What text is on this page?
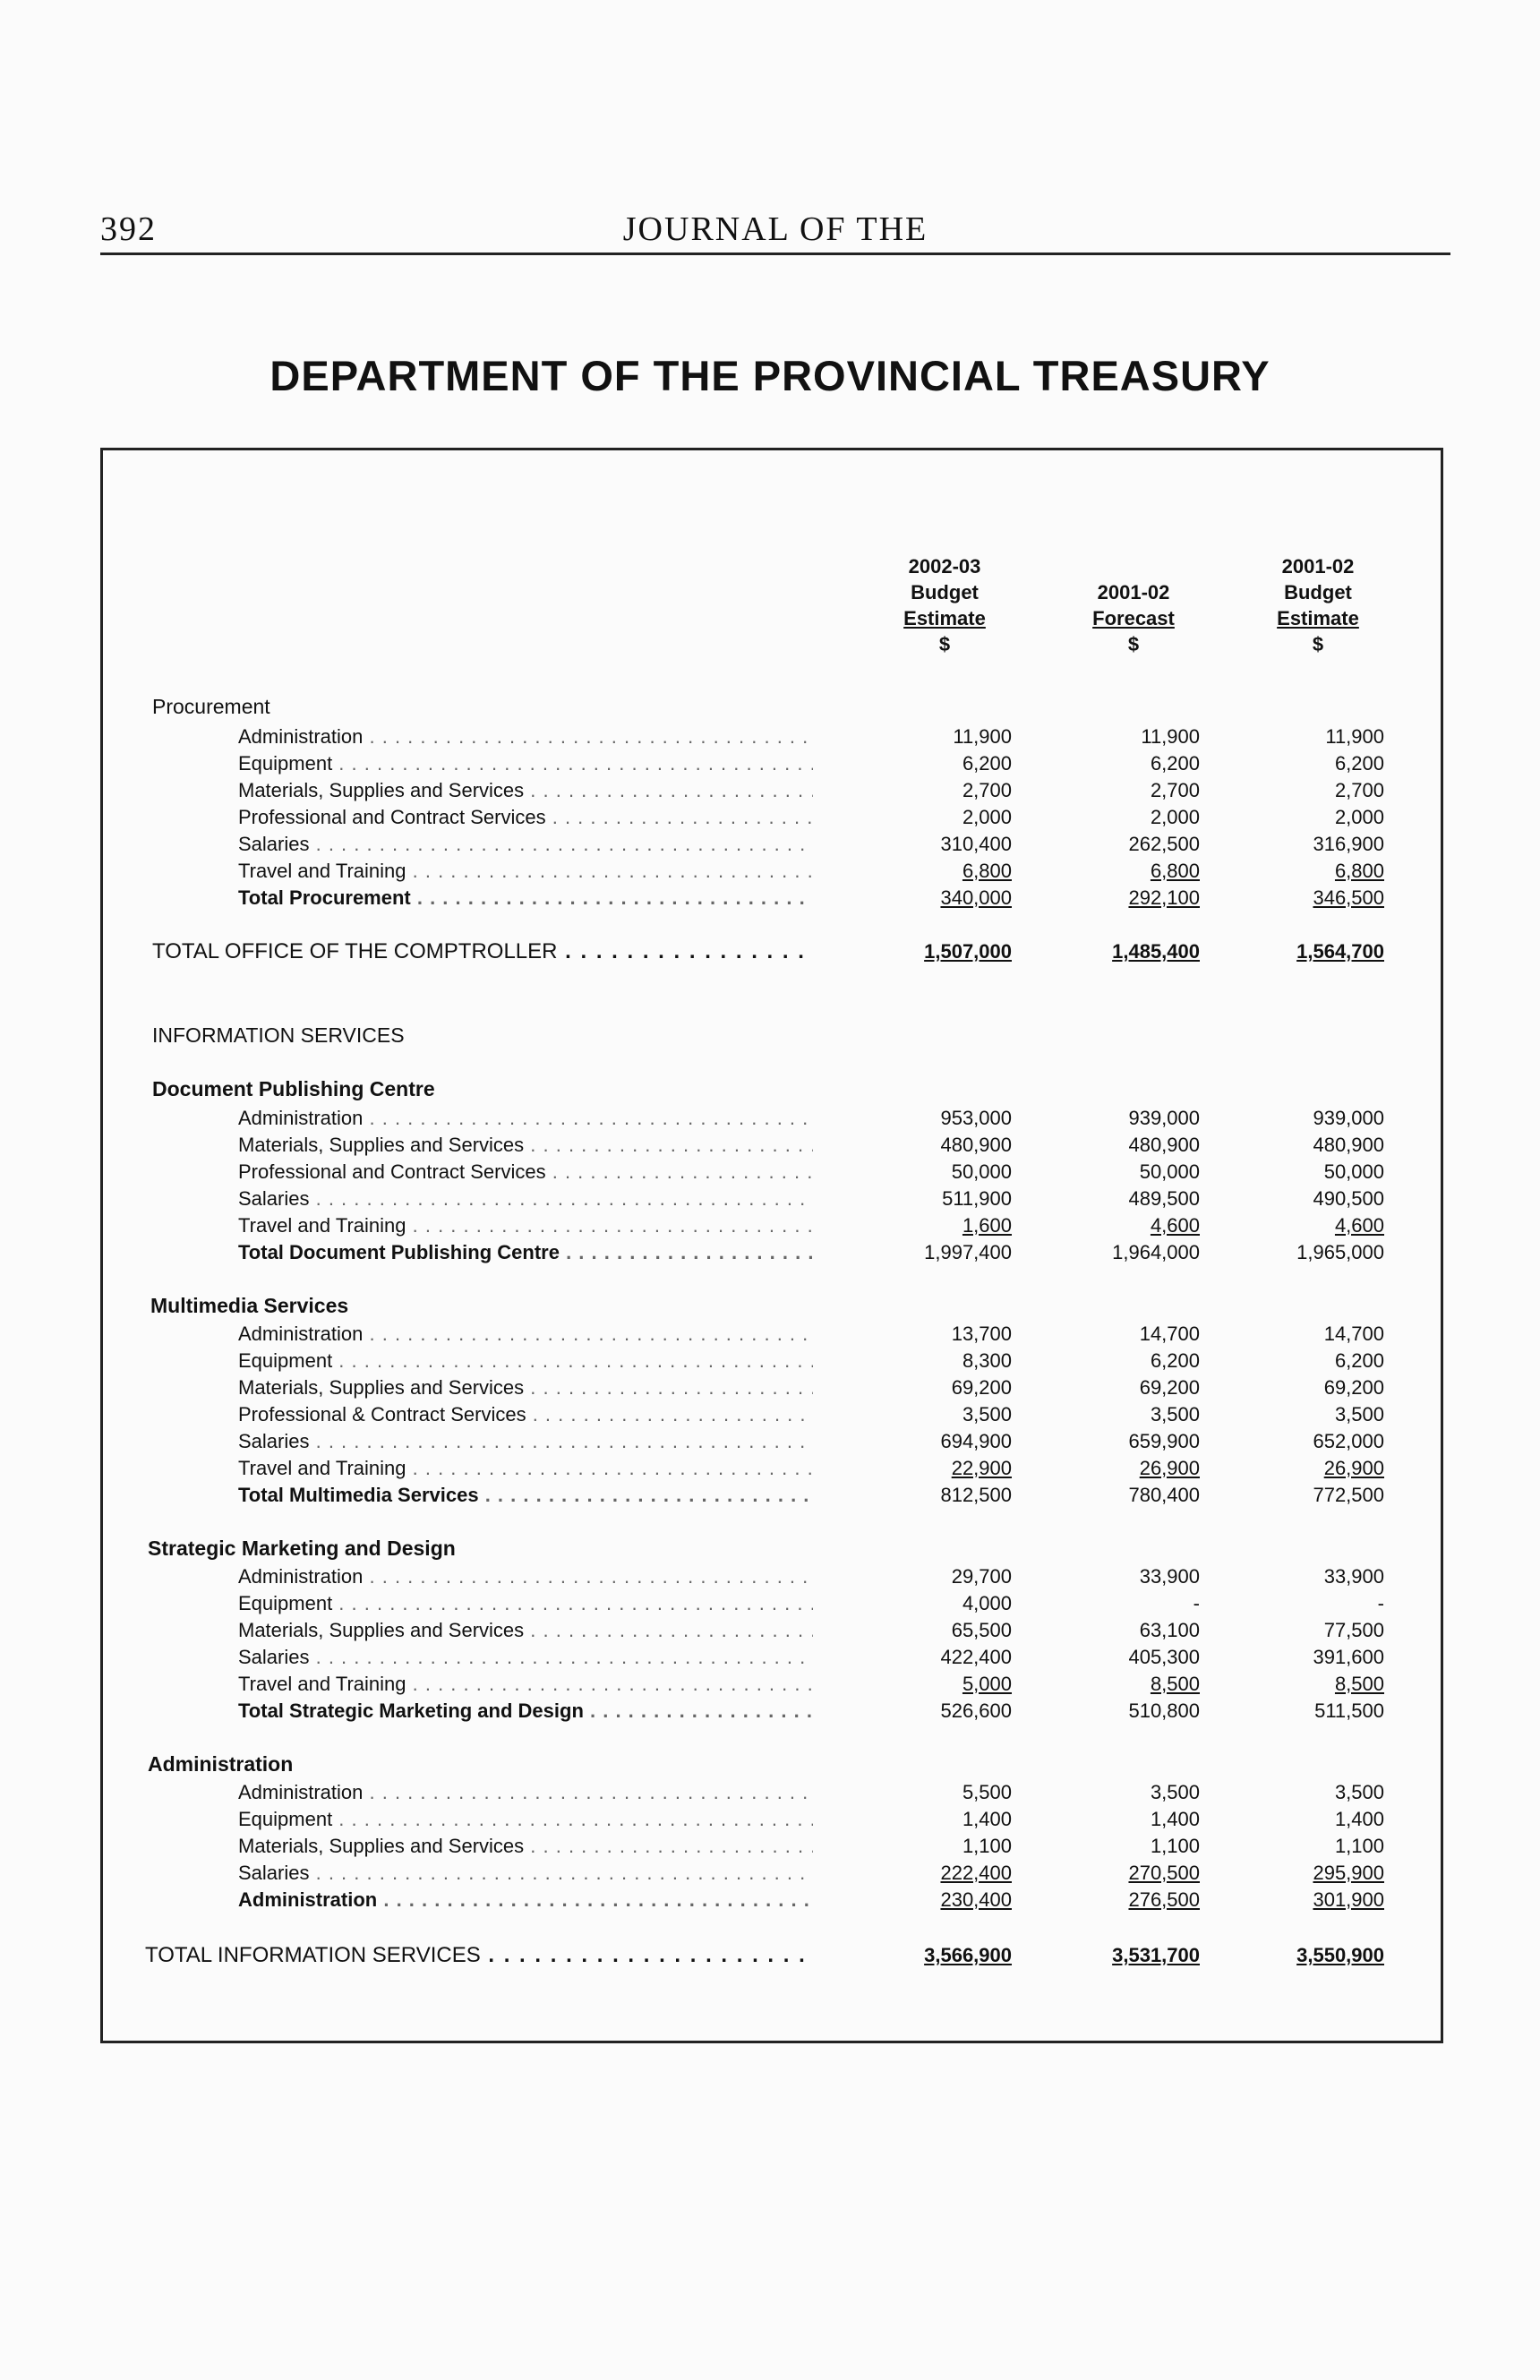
392	JOURNAL OF THE
DEPARTMENT OF THE PROVINCIAL TREASURY
2002-03
Budget
Estimate
$
2001-02
Forecast
$
2001-02
Budget
Estimate
$
Procurement
Administration . . .	11,900	11,900	11,900
Equipment . . .	6,200	6,200	6,200
Materials, Supplies and Services . . .	2,700	2,700	2,700
Professional and Contract Services . . .	2,000	2,000	2,000
Salaries . . .	310,400	262,500	316,900
Travel and Training . . .	6,800	6,800	6,800
Total Procurement . . .	340,000	292,100	346,500
TOTAL OFFICE OF THE COMPTROLLER . . .	1,507,000	1,485,400	1,564,700
INFORMATION SERVICES
Document Publishing Centre
Administration . . .	953,000	939,000	939,000
Materials, Supplies and Services . . .	480,900	480,900	480,900
Professional and Contract Services . . .	50,000	50,000	50,000
Salaries . . .	511,900	489,500	490,500
Travel and Training . . .	1,600	4,600	4,600
Total Document Publishing Centre . . .	1,997,400	1,964,000	1,965,000
Multimedia Services
Administration . . .	13,700	14,700	14,700
Equipment . . .	8,300	6,200	6,200
Materials, Supplies and Services . . .	69,200	69,200	69,200
Professional & Contract Services . . .	3,500	3,500	3,500
Salaries . . .	694,900	659,900	652,000
Travel and Training . . .	22,900	26,900	26,900
Total Multimedia Services . . .	812,500	780,400	772,500
Strategic Marketing and Design
Administration . . .	29,700	33,900	33,900
Equipment . . .	4,000	-	-
Materials, Supplies and Services . . .	65,500	63,100	77,500
Salaries . . .	422,400	405,300	391,600
Travel and Training . . .	5,000	8,500	8,500
Total Strategic Marketing and Design . . .	526,600	510,800	511,500
Administration
Administration . . .	5,500	3,500	3,500
Equipment . . .	1,400	1,400	1,400
Materials, Supplies and Services . . .	1,100	1,100	1,100
Salaries . . .	222,400	270,500	295,900
Administration . . .	230,400	276,500	301,900
TOTAL INFORMATION SERVICES . . .	3,566,900	3,531,700	3,550,900
